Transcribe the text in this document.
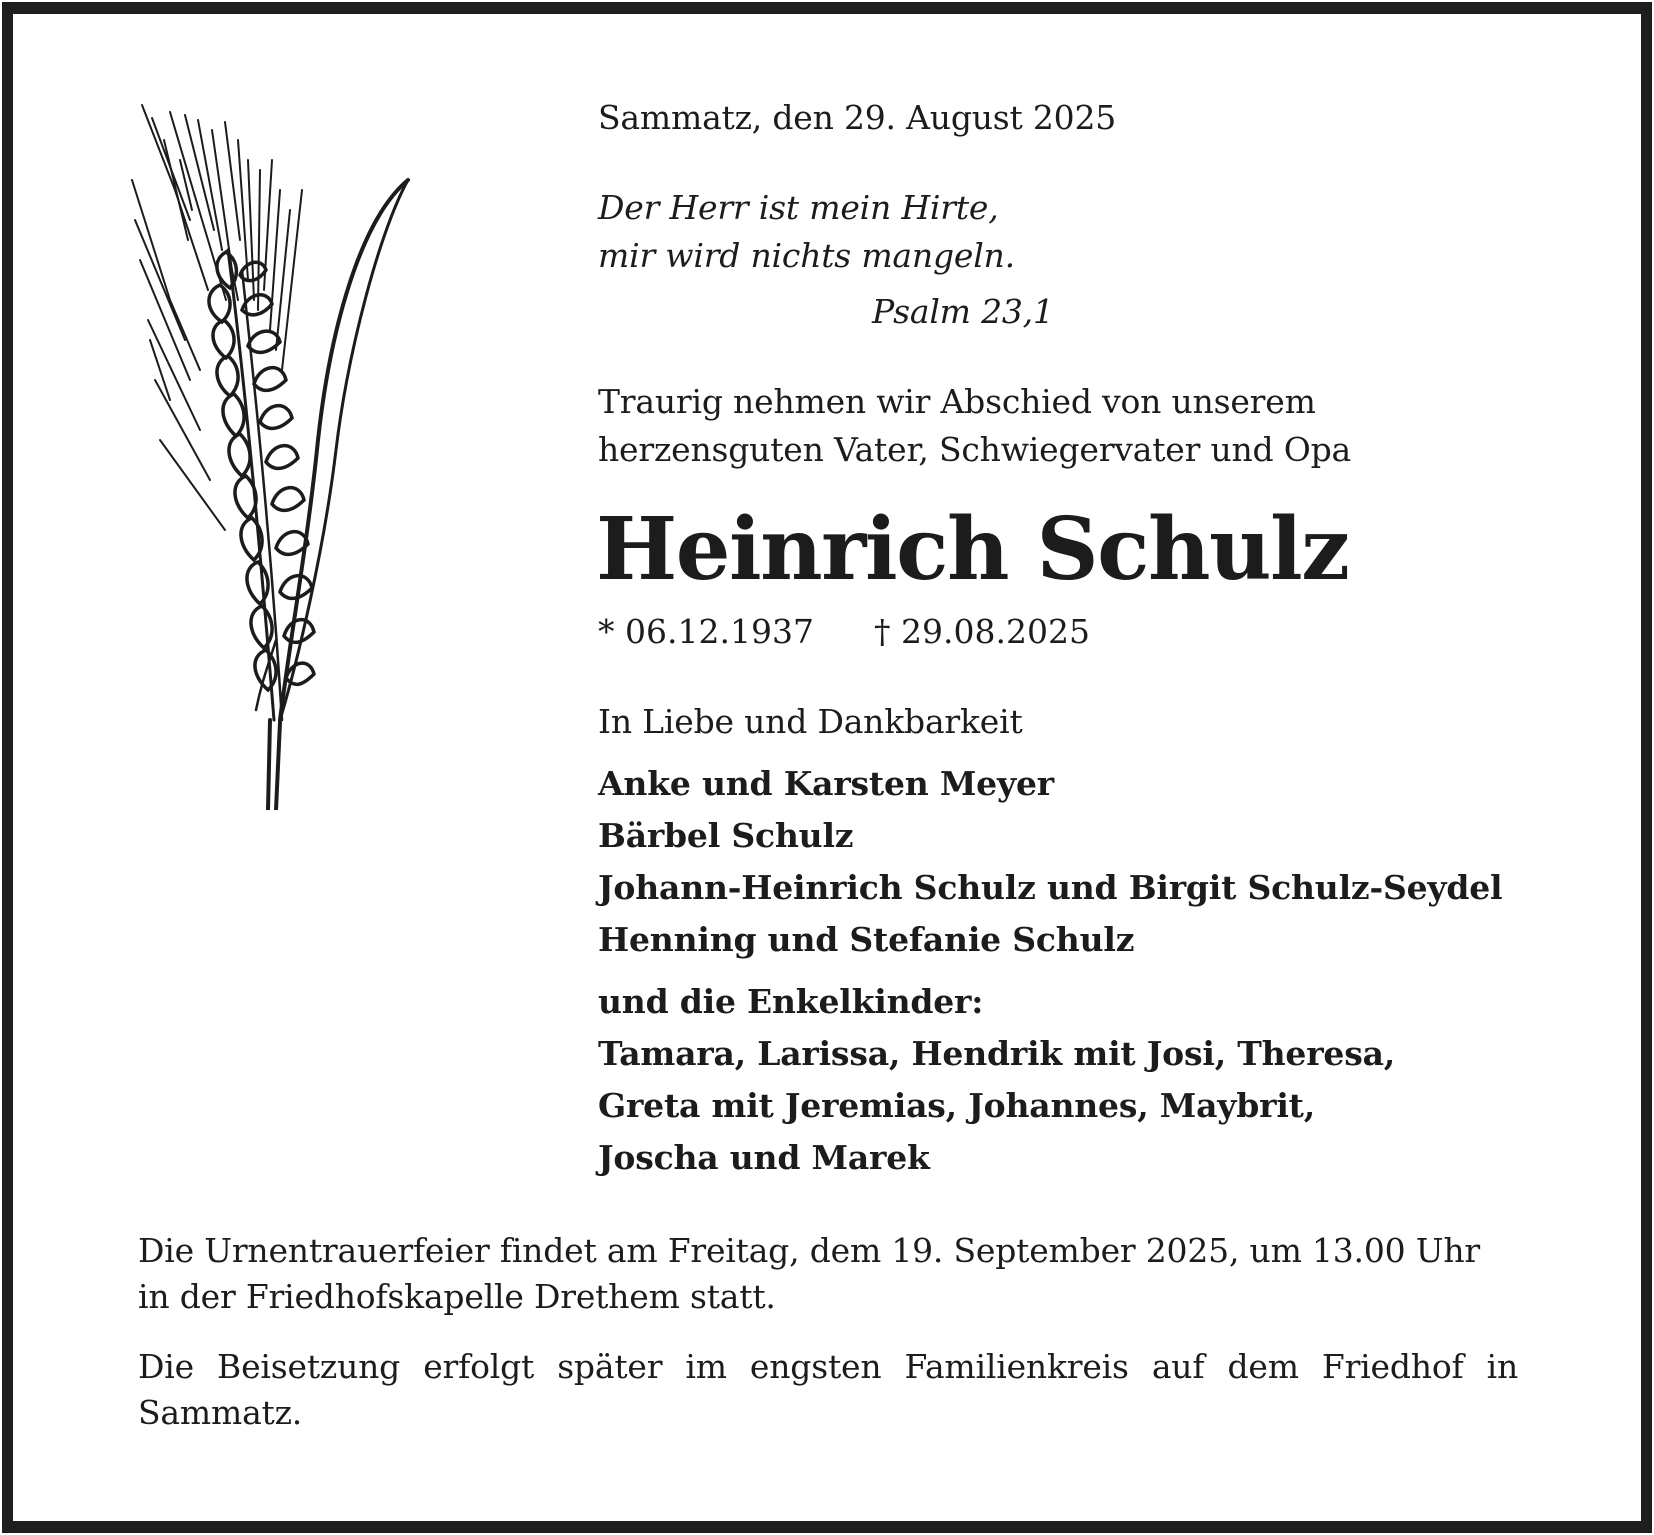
Sammatz, den 29. August 2025
Der Herr ist mein Hirte,
mir wird nichts mangeln.
Psalm 23,1
Traurig nehmen wir Abschied von unserem
herzensguten Vater, Schwiegervater und Opa
Heinrich Schulz
* 06.12.1937 † 29.08.2025
In Liebe und Dankbarkeit
Anke und Karsten Meyer
Bärbel Schulz
Johann-Heinrich Schulz und Birgit Schulz-Seydel
Henning und Stefanie Schulz
und die Enkelkinder:
Tamara, Larissa, Hendrik mit Josi, Theresa,
Greta mit Jeremias, Johannes, Maybrit,
Joscha und Marek
Die Urnentrauerfeier findet am Freitag, dem 19. September 2025, um 13.00 Uhr in der Friedhofskapelle Drethem statt.
Die Beisetzung erfolgt später im engsten Familienkreis auf dem Friedhof in Sammatz.
